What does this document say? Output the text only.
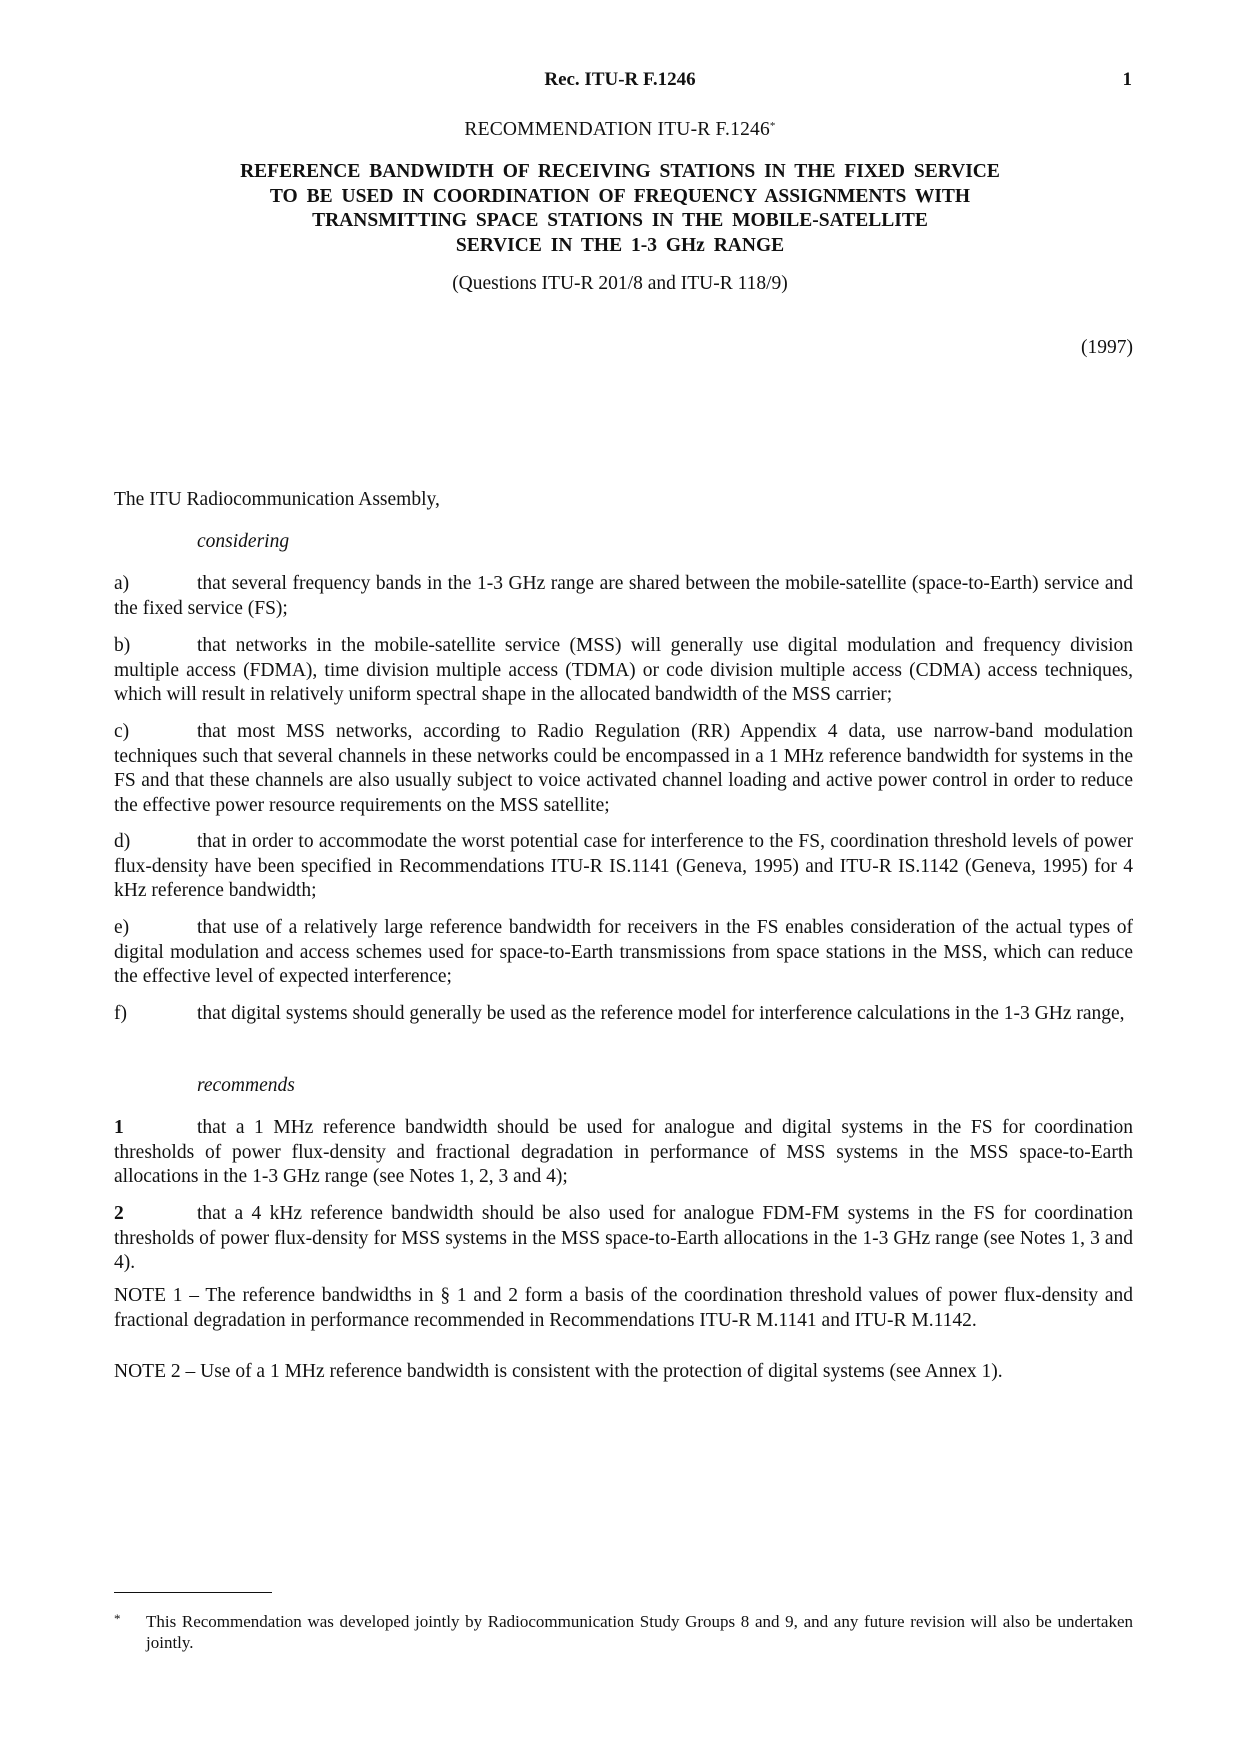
Rec. ITU-R F.1246	1
RECOMMENDATION ITU-R F.1246*
REFERENCE BANDWIDTH OF RECEIVING STATIONS IN THE FIXED SERVICE
TO BE USED IN COORDINATION OF FREQUENCY ASSIGNMENTS WITH
TRANSMITTING SPACE STATIONS IN THE MOBILE-SATELLITE
SERVICE IN THE 1-3 GHz RANGE
(Questions ITU-R 201/8 and ITU-R 118/9)
(1997)

The ITU Radiocommunication Assembly,

considering

a)	that several frequency bands in the 1-3 GHz range are shared between the mobile-satellite (space-to-Earth) service and the fixed service (FS);

b)	that networks in the mobile-satellite service (MSS) will generally use digital modulation and frequency division multiple access (FDMA), time division multiple access (TDMA) or code division multiple access (CDMA) access techniques, which will result in relatively uniform spectral shape in the allocated bandwidth of the MSS carrier;

c)	that most MSS networks, according to Radio Regulation (RR) Appendix 4 data, use narrow-band modulation techniques such that several channels in these networks could be encompassed in a 1 MHz reference bandwidth for systems in the FS and that these channels are also usually subject to voice activated channel loading and active power control in order to reduce the effective power resource requirements on the MSS satellite;

d)	that in order to accommodate the worst potential case for interference to the FS, coordination threshold levels of power flux-density have been specified in Recommendations ITU-R IS.1141 (Geneva, 1995) and ITU-R IS.1142 (Geneva, 1995) for 4 kHz reference bandwidth;

e)	that use of a relatively large reference bandwidth for receivers in the FS enables consideration of the actual types of digital modulation and access schemes used for space-to-Earth transmissions from space stations in the MSS, which can reduce the effective level of expected interference;

f)	that digital systems should generally be used as the reference model for interference calculations in the 1-3 GHz range,

recommends

1	that a 1 MHz reference bandwidth should be used for analogue and digital systems in the FS for coordination thresholds of power flux-density and fractional degradation in performance of MSS systems in the MSS space-to-Earth allocations in the 1-3 GHz range (see Notes 1, 2, 3 and 4);

2	that a 4 kHz reference bandwidth should be also used for analogue FDM-FM systems in the FS for coordination thresholds of power flux-density for MSS systems in the MSS space-to-Earth allocations in the 1-3 GHz range (see Notes 1, 3 and 4).

NOTE 1 – The reference bandwidths in § 1 and 2 form a basis of the coordination threshold values of power flux-density and fractional degradation in performance recommended in Recommendations ITU-R M.1141 and ITU-R M.1142.

NOTE 2 – Use of a 1 MHz reference bandwidth is consistent with the protection of digital systems (see Annex 1).

* This Recommendation was developed jointly by Radiocommunication Study Groups 8 and 9, and any future revision will also be undertaken jointly.
